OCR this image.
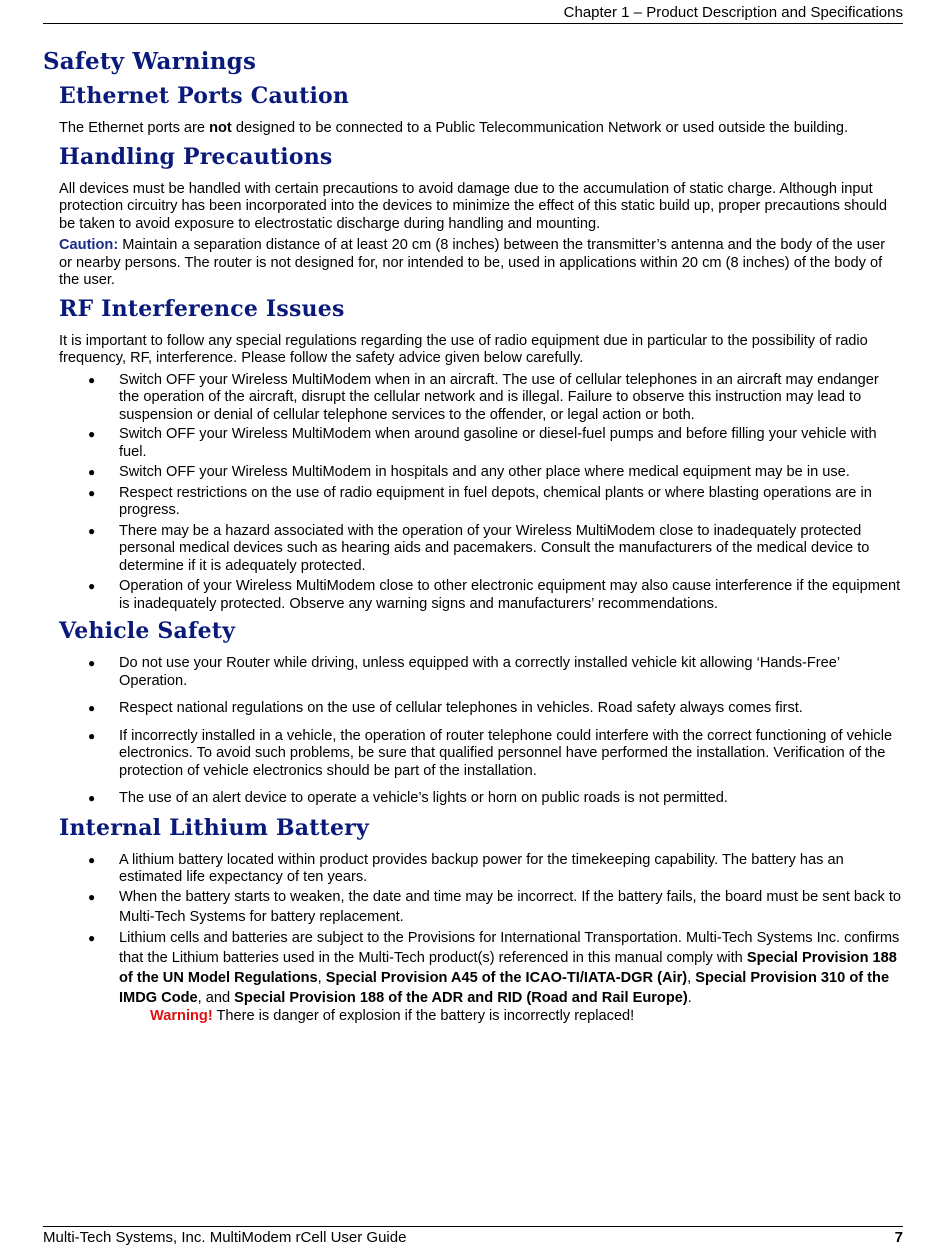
Chapter 1 – Product Description and Specifications
Safety Warnings
Ethernet Ports Caution

The Ethernet ports are not designed to be connected to a Public Telecommunication Network or used outside the building.

Handling Precautions

All devices must be handled with certain precautions to avoid damage due to the accumulation of static charge. Although input protection circuitry has been incorporated into the devices to minimize the effect of this static build up, proper precautions should be taken to avoid exposure to electrostatic discharge during handling and mounting.

Caution: Maintain a separation distance of at least 20 cm (8 inches) between the transmitter’s antenna and the body of the user or nearby persons. The router is not designed for, nor intended to be, used in applications within 20 cm (8 inches) of the body of the user.

RF Interference Issues

It is important to follow any special regulations regarding the use of radio equipment due in particular to the possibility of radio frequency, RF, interference. Please follow the safety advice given below carefully.

● Switch OFF your Wireless MultiModem when in an aircraft. The use of cellular telephones in an aircraft may endanger the operation of the aircraft, disrupt the cellular network and is illegal. Failure to observe this instruction may lead to suspension or denial of cellular telephone services to the offender, or legal action or both.
● Switch OFF your Wireless MultiModem when around gasoline or diesel-fuel pumps and before filling your vehicle with fuel.
● Switch OFF your Wireless MultiModem in hospitals and any other place where medical equipment may be in use.
● Respect restrictions on the use of radio equipment in fuel depots, chemical plants or where blasting operations are in progress.
● There may be a hazard associated with the operation of your Wireless MultiModem close to inadequately protected personal medical devices such as hearing aids and pacemakers. Consult the manufacturers of the medical device to determine if it is adequately protected.
● Operation of your Wireless MultiModem close to other electronic equipment may also cause interference if the equipment is inadequately protected. Observe any warning signs and manufacturers’ recommendations.
Vehicle Safety
● Do not use your Router while driving, unless equipped with a correctly installed vehicle kit allowing ‘Hands-Free’ Operation.
● Respect national regulations on the use of cellular telephones in vehicles. Road safety always comes first.
● If incorrectly installed in a vehicle, the operation of router telephone could interfere with the correct functioning of vehicle electronics. To avoid such problems, be sure that qualified personnel have performed the installation. Verification of the protection of vehicle electronics should be part of the installation.
● The use of an alert device to operate a vehicle’s lights or horn on public roads is not permitted.
Internal Lithium Battery
● A lithium battery located within product provides backup power for the timekeeping capability. The battery has an estimated life expectancy of ten years.
● When the battery starts to weaken, the date and time may be incorrect. If the battery fails, the board must be sent back to Multi-Tech Systems for battery replacement.
● Lithium cells and batteries are subject to the Provisions for International Transportation. Multi-Tech Systems Inc. confirms that the Lithium batteries used in the Multi-Tech product(s) referenced in this manual comply with Special Provision 188 of the UN Model Regulations, Special Provision A45 of the ICAO-TI/IATA-DGR (Air), Special Provision 310 of the IMDG Code, and Special Provision 188 of the ADR and RID (Road and Rail Europe).
Warning! There is danger of explosion if the battery is incorrectly replaced!
Multi-Tech Systems, Inc. MultiModem rCell User Guide	7
